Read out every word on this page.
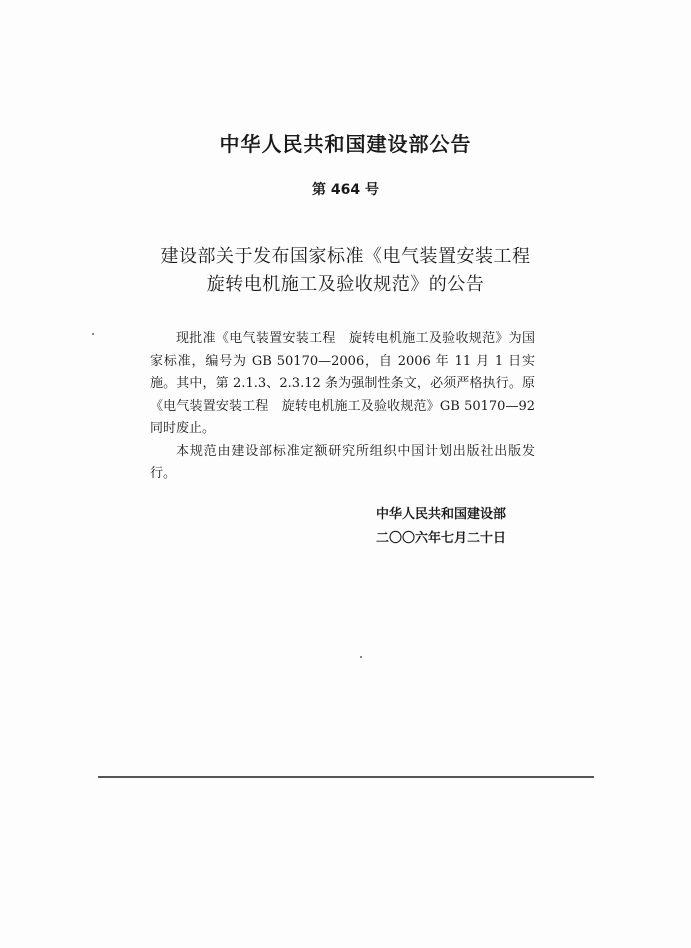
中华人民共和国建设部公告
第 464 号
建设部关于发布国家标准《电气装置安装工程
旋转电机施工及验收规范》的公告

现批准《电气装置安装工程　旋转电机施工及验收规范》为国家标准，编号为 GB 50170—2006，自 2006 年 11 月 1 日实施。其中，第 2.1.3、2.3.12 条为强制性条文，必须严格执行。原《电气装置安装工程　旋转电机施工及验收规范》GB 50170—92 同时废止。

本规范由建设部标准定额研究所组织中国计划出版社出版发行。

中华人民共和国建设部
二〇〇六年七月二十日
